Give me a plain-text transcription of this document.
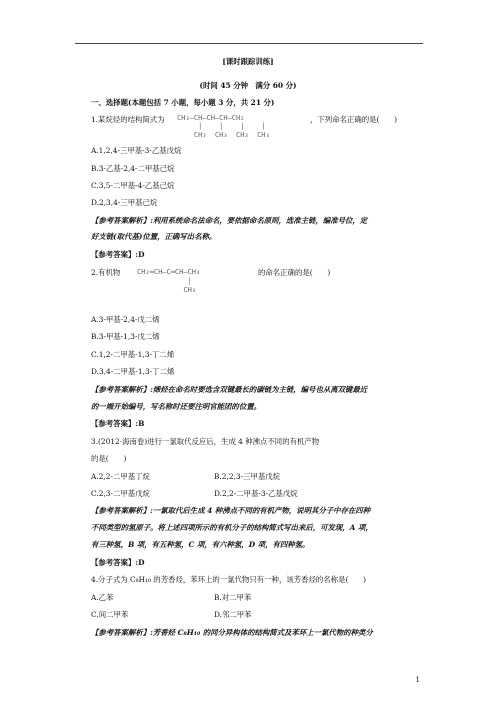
[课时跟踪训练]
(时间 45 分钟　满分 60 分)
一、选择题(本题包括 7 小题，每小题 3 分，共 21 分)
1.某烷烃的结构简式为 CH₃—CH—CH—CH—CH₂
|    |    |    |
CH₃  CH₃  CH₃  CH₃
，下列命名正确的是(　　)
A.1,2,4-三甲基-3-乙基戊烷
B.3-乙基-2,4-二甲基己烷
C.3,5-二甲基-4-乙基己烷
D.2,3,4-三甲基己烷
【参考答案解析】:利用系统命名法命名，要依据命名原则，选准主链，编准号位，定
好支链(取代基)位置，正确写出名称。
【参考答案】:D
2.有机物 CH₂═CH—C═CH—CH₃
|
CH₃
的命名正确的是(　　)
A.3-甲基-2,4-戊二烯
B.3-甲基-1,3-戊二烯
C.1,2-二甲基-1,3-丁二烯
D.3,4-二甲基-1,3-丁二烯
【参考答案解析】:烯烃在命名时要选含双键最长的碳链为主链，编号也从离双键最近
的一端开始编号，写名称时还要注明官能团的位置。
【参考答案】:B
3.(2012·海南卷)进行一氯取代反应后，生成 4 种沸点不同的有机产物
的是(　　)
A.2,2-二甲基丁烷	B.2,2,3-三甲基戊烷
C.2,3-二甲基戊烷	D.2,2-二甲基-3-乙基戊烷
【参考答案解析】:一氯取代后生成 4 种沸点不同的有机产物，说明其分子中存在四种
不同类型的氢原子。将上述四项所示的有机分子的结构简式写出来后，可发现，A 项，
有三种氢，B 项，有五种氢，C 项，有六种氢，D 项，有四种氢。
【参考答案】:D
4.分子式为 C₈H₁₀ 的芳香烃，苯环上的一氯代物只有一种，该芳香烃的名称是(　　)
A.乙苯	B.对二甲苯
C.间二甲苯	D.邻二甲苯
【参考答案解析】:芳香烃 C₈H₁₀ 的同分异构体的结构简式及苯环上一氯代物的种类分
1
